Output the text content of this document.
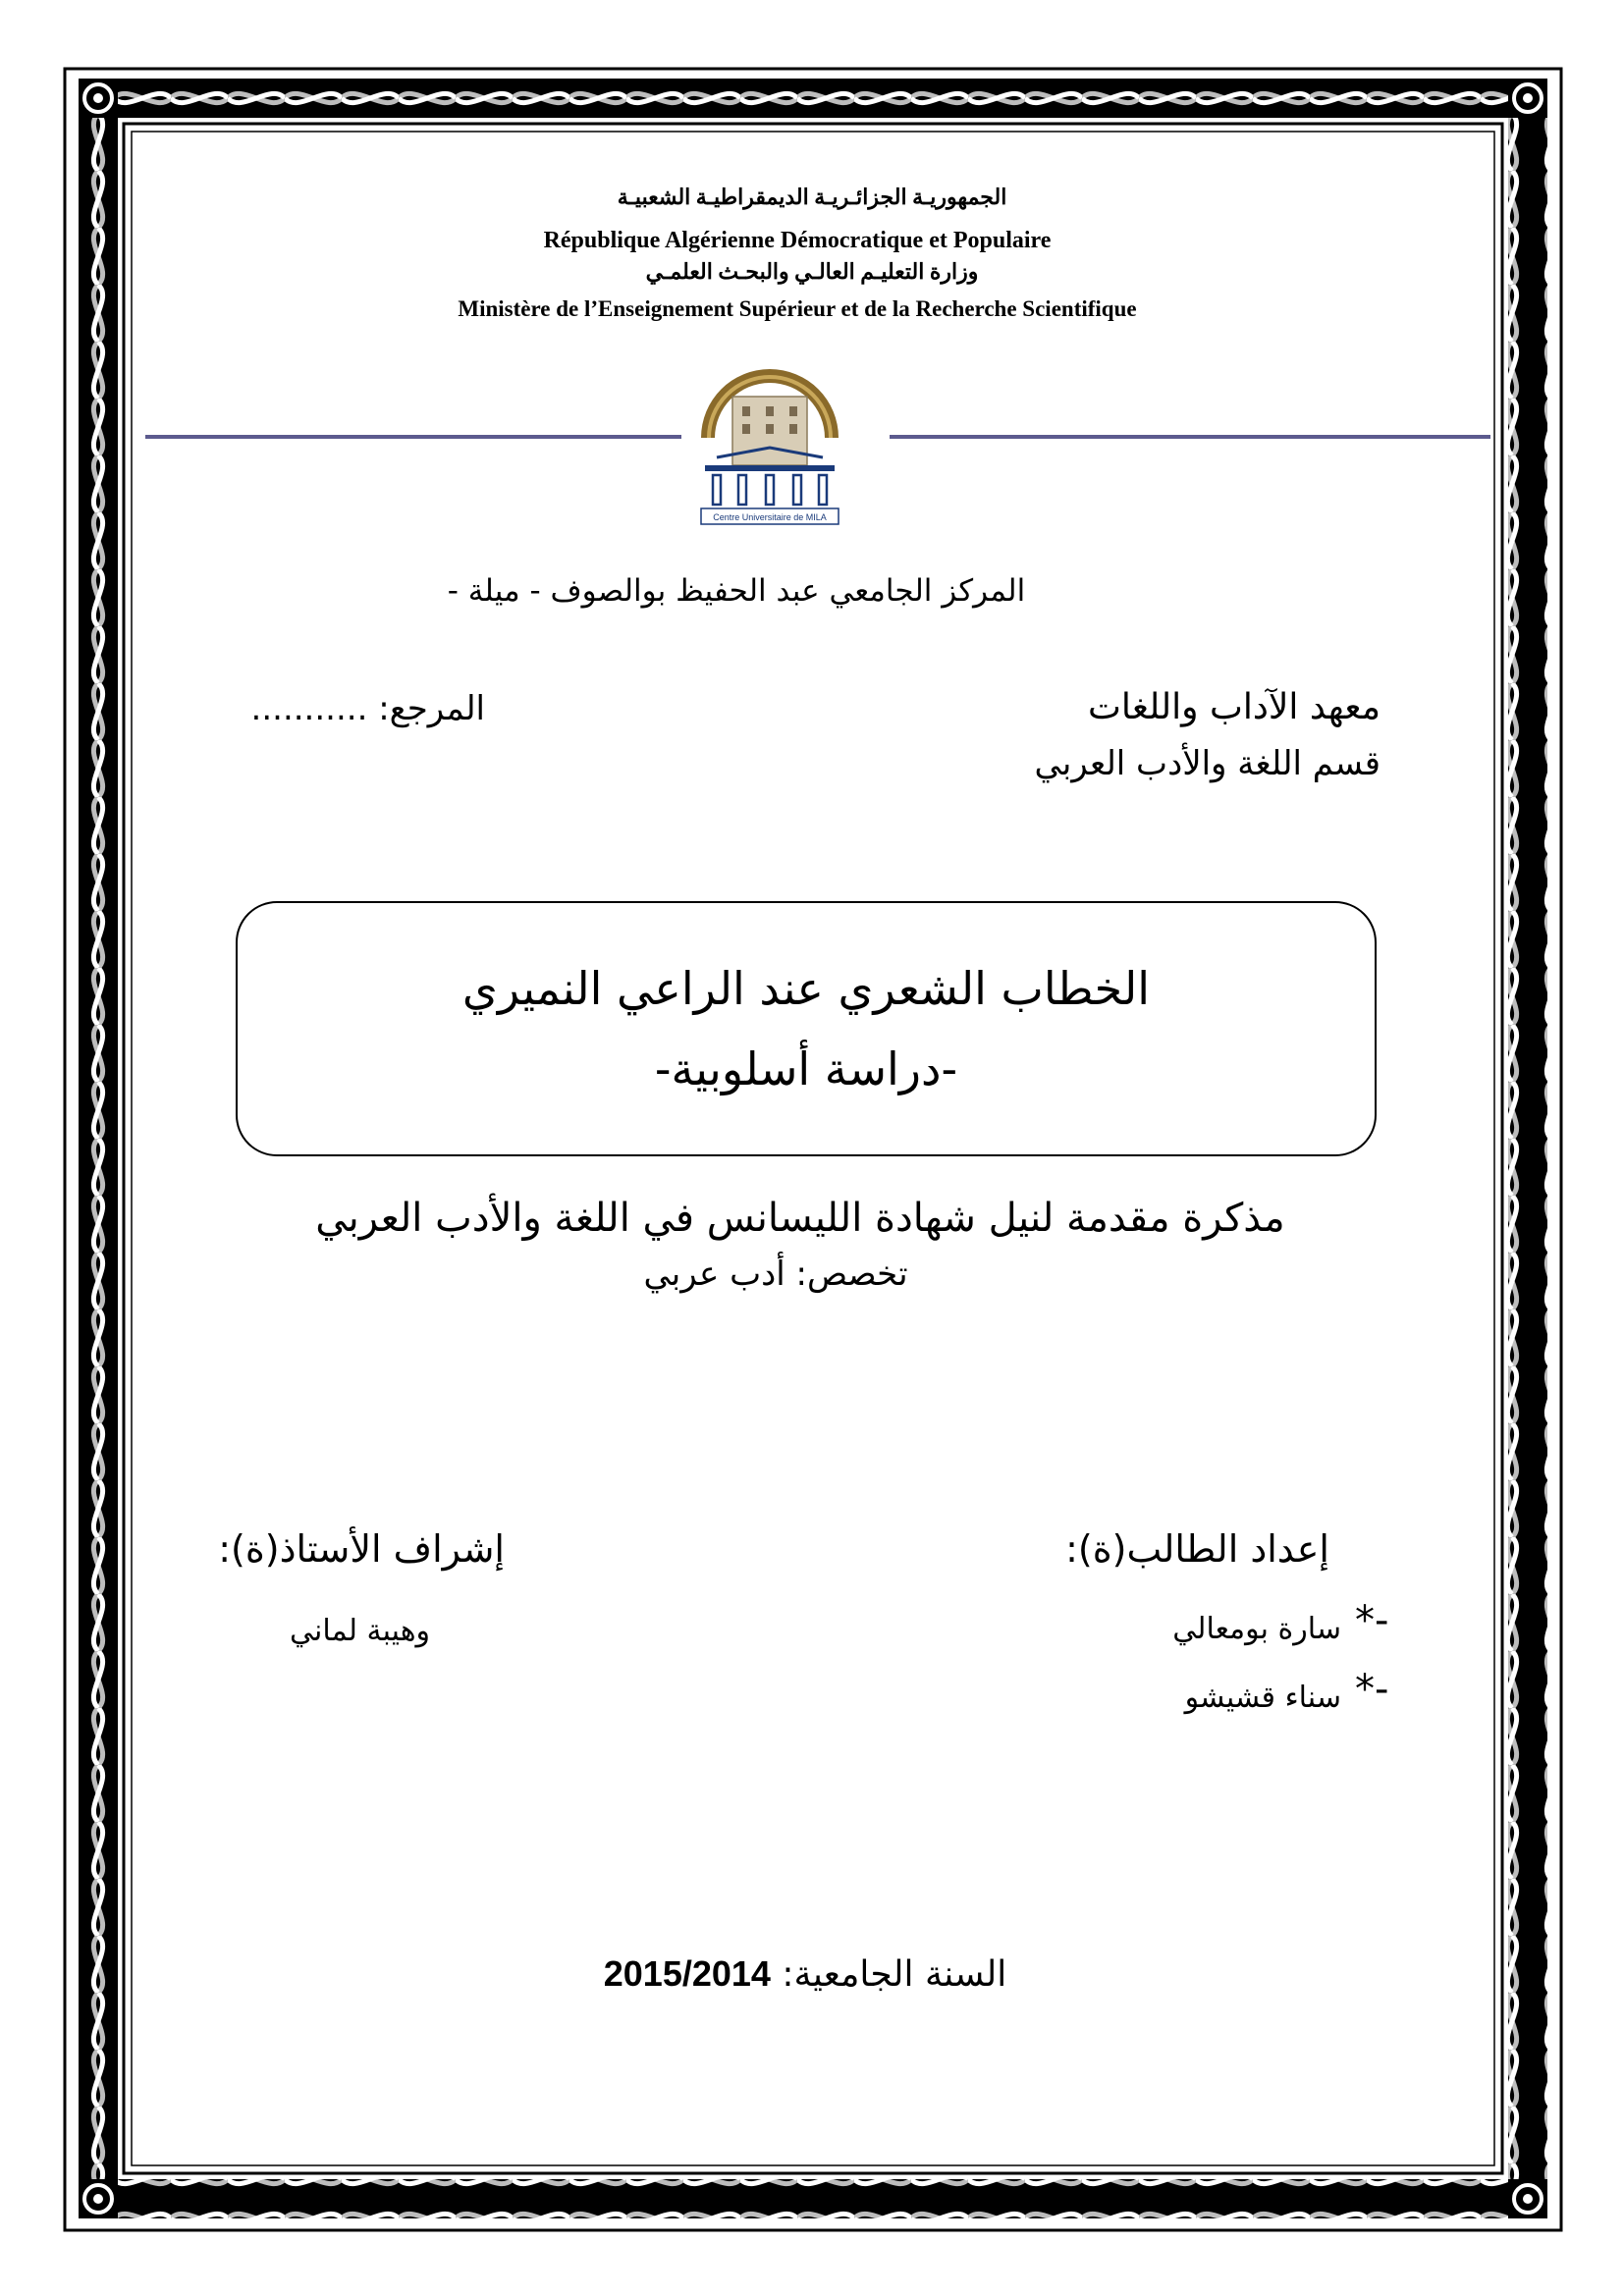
الجمهوريـة الجزائـريـة الديمقراطيـة الشعبيـة
République Algérienne Démocratique et Populaire
وزارة التعليـم العالـي والبحـث العلمـي
Ministère de l’Enseignement Supérieur et de la Recherche Scientifique
Centre Universitaire de MILA
المركز الجامعي عبد الحفيظ بوالصوف - ميلة -
معهد الآداب واللغات
قسم اللغة والأدب العربي
المرجع: ...........
الخطاب الشعري عند الراعي النميري
-دراسة أسلوبية-
مذكرة مقدمة لنيل شهادة الليسانس في اللغة والأدب العربي
تخصص: أدب عربي
إعداد الطالب(ة):
سارة بومعالي *-
سناء قشيشو *-
إشراف الأستاذ(ة):
وهيبة لماني
السنة الجامعية: 2015/2014
